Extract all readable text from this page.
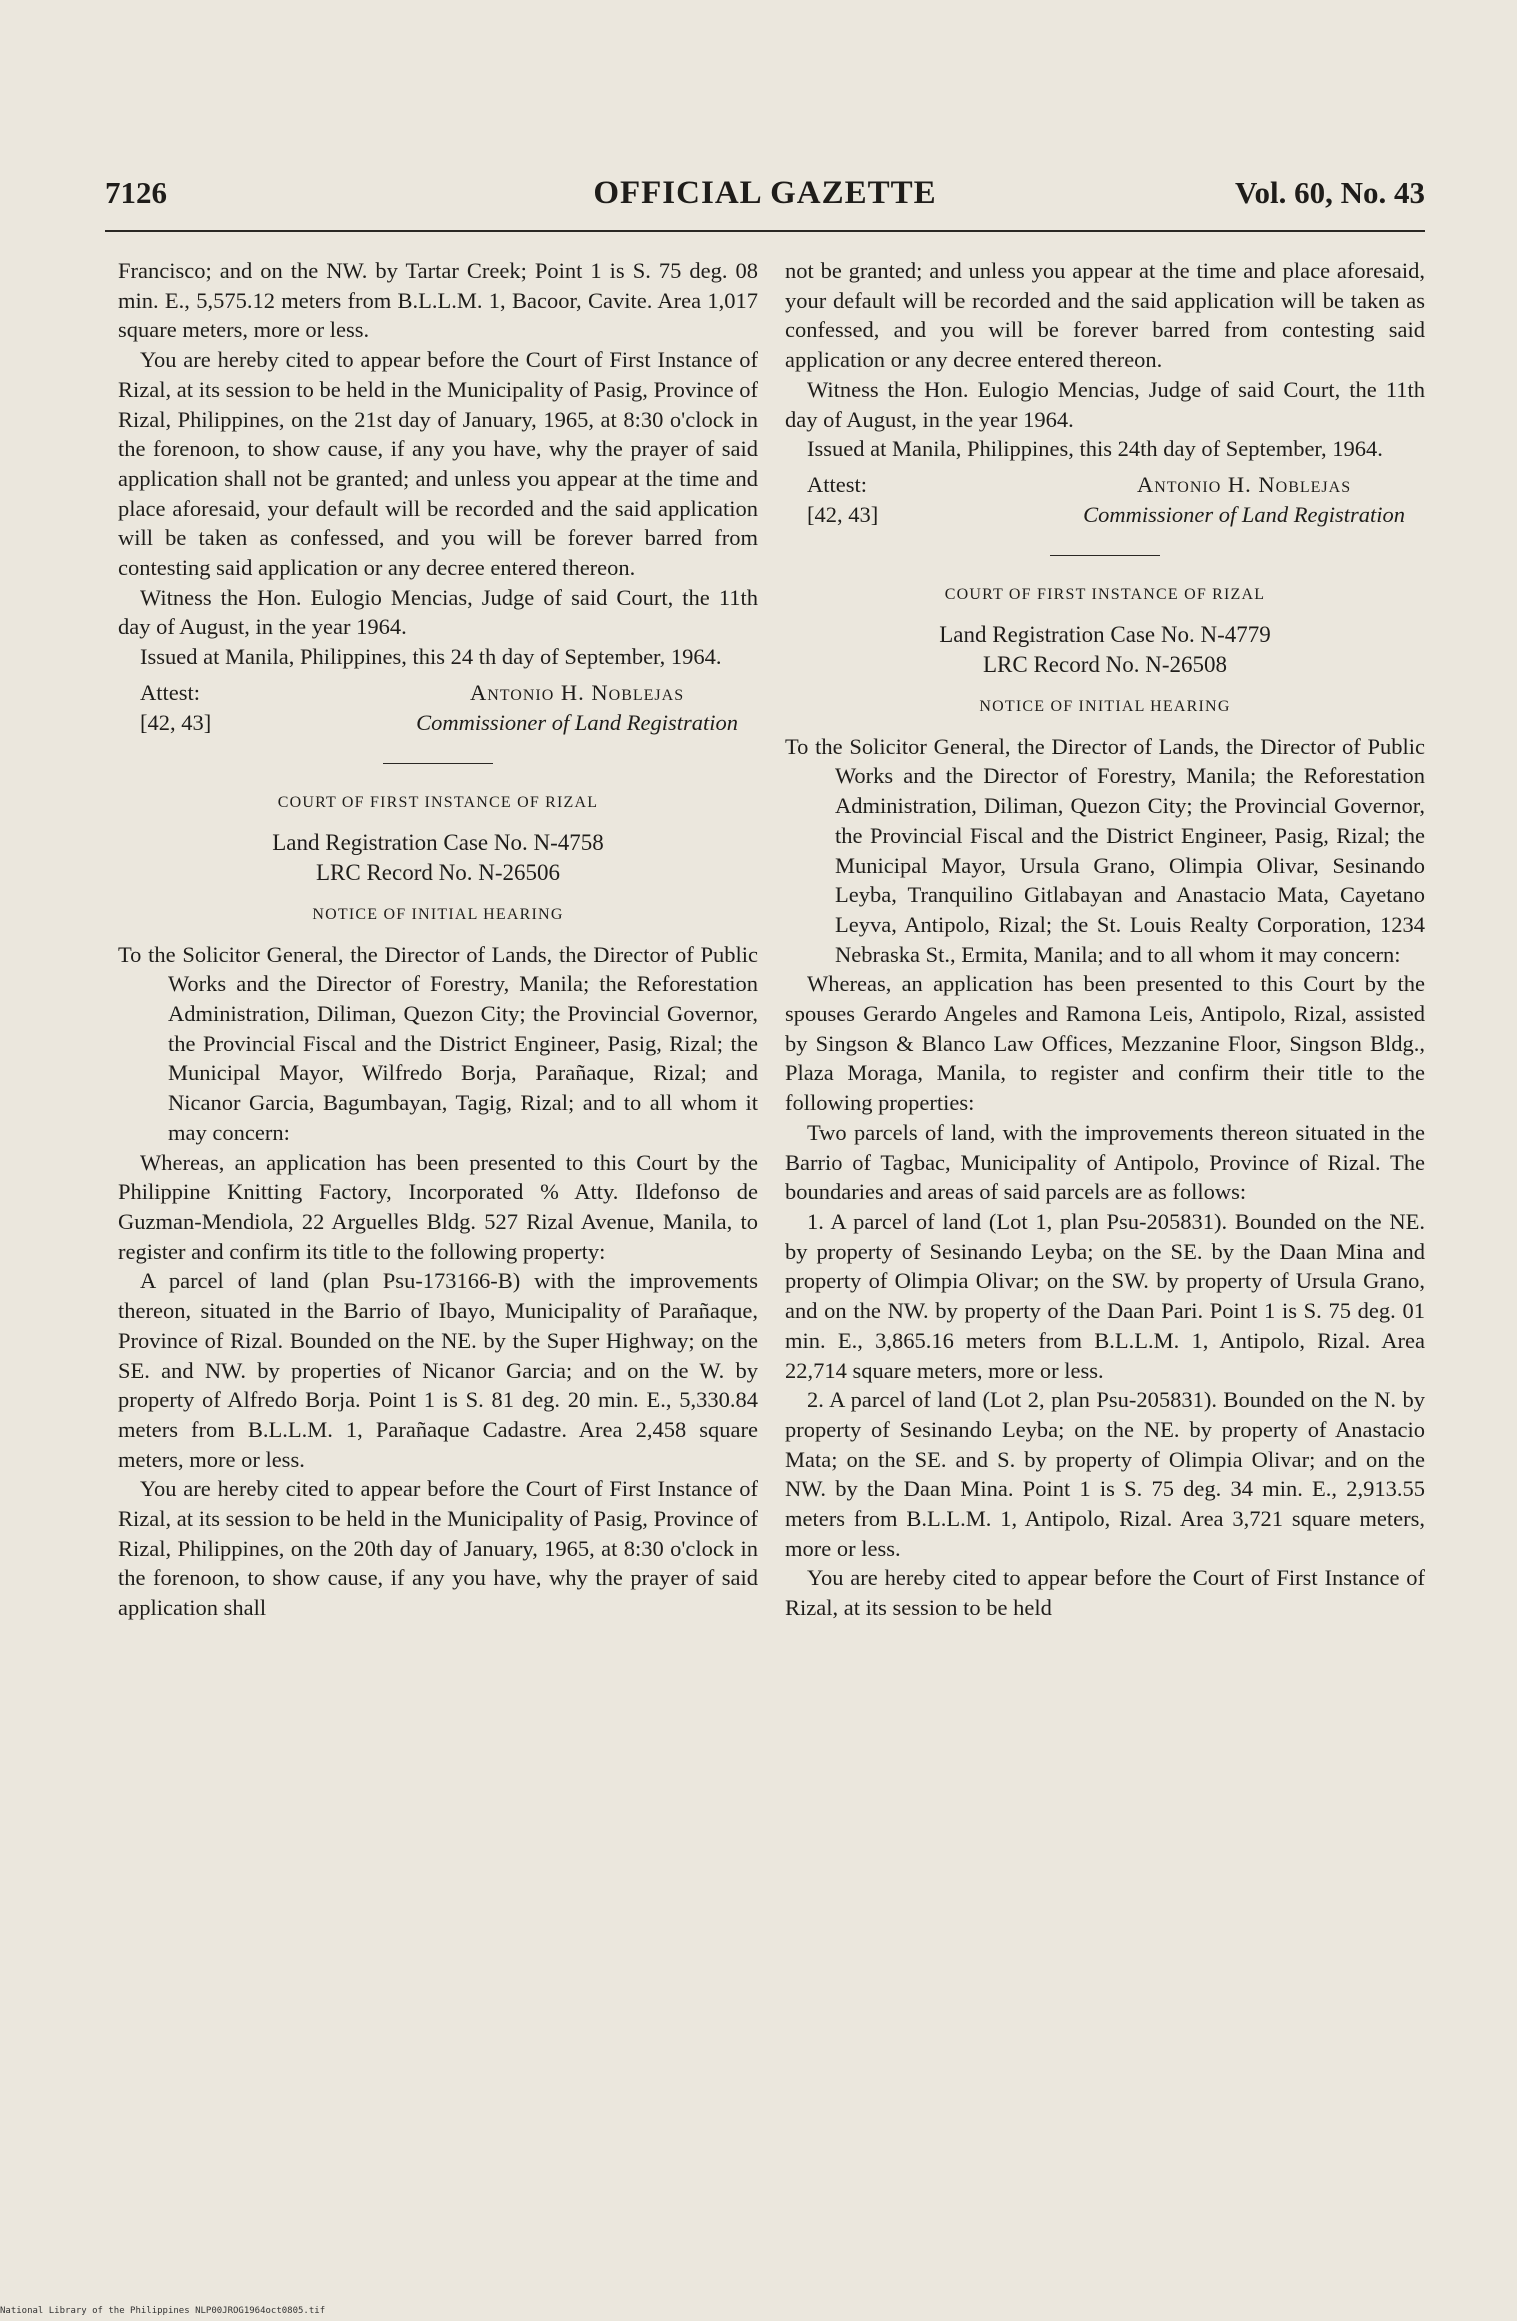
7126	OFFICIAL GAZETTE	Vol. 60, No. 43

Francisco; and on the NW. by Tartar Creek; Point 1 is S. 75 deg. 08 min. E., 5,575.12 meters from B.L.L.M. 1, Bacoor, Cavite. Area 1,017 square meters, more or less.

You are hereby cited to appear before the Court of First Instance of Rizal, at its session to be held in the Municipality of Pasig, Province of Rizal, Philippines, on the 21st day of January, 1965, at 8:30 o'clock in the forenoon, to show cause, if any you have, why the prayer of said application shall not be granted; and unless you appear at the time and place aforesaid, your default will be recorded and the said application will be taken as confessed, and you will be forever barred from contesting said application or any decree entered thereon.

Witness the Hon. Eulogio Mencias, Judge of said Court, the 11th day of August, in the year 1964.

Issued at Manila, Philippines, this 24 th day of September, 1964.

Attest:
[42, 43]
Antonio H. Noblejas
Commissioner of Land Registration
COURT OF FIRST INSTANCE OF RIZAL
Land Registration Case No. N-4758
LRC Record No. N-26506
NOTICE OF INITIAL HEARING

To the Solicitor General, the Director of Lands, the Director of Public Works and the Director of Forestry, Manila; the Reforestation Administration, Diliman, Quezon City; the Provincial Governor, the Provincial Fiscal and the District Engineer, Pasig, Rizal; the Municipal Mayor, Wilfredo Borja, Parañaque, Rizal; and Nicanor Garcia, Bagumbayan, Tagig, Rizal; and to all whom it may concern:

Whereas, an application has been presented to this Court by the Philippine Knitting Factory, Incorporated % Atty. Ildefonso de Guzman-Mendiola, 22 Arguelles Bldg. 527 Rizal Avenue, Manila, to register and confirm its title to the following property:

A parcel of land (plan Psu-173166-B) with the improvements thereon, situated in the Barrio of Ibayo, Municipality of Parañaque, Province of Rizal. Bounded on the NE. by the Super Highway; on the SE. and NW. by properties of Nicanor Garcia; and on the W. by property of Alfredo Borja. Point 1 is S. 81 deg. 20 min. E., 5,330.84 meters from B.L.L.M. 1, Parañaque Cadastre. Area 2,458 square meters, more or less.

You are hereby cited to appear before the Court of First Instance of Rizal, at its session to be held in the Municipality of Pasig, Province of Rizal, Philippines, on the 20th day of January, 1965, at 8:30 o'clock in the forenoon, to show cause, if any you have, why the prayer of said application shall

not be granted; and unless you appear at the time and place aforesaid, your default will be recorded and the said application will be taken as confessed, and you will be forever barred from contesting said application or any decree entered thereon.

Witness the Hon. Eulogio Mencias, Judge of said Court, the 11th day of August, in the year 1964.

Issued at Manila, Philippines, this 24th day of September, 1964.

Attest:
[42, 43]
Antonio H. Noblejas
Commissioner of Land Registration
COURT OF FIRST INSTANCE OF RIZAL
Land Registration Case No. N-4779
LRC Record No. N-26508
NOTICE OF INITIAL HEARING

To the Solicitor General, the Director of Lands, the Director of Public Works and the Director of Forestry, Manila; the Reforestation Administration, Diliman, Quezon City; the Provincial Governor, the Provincial Fiscal and the District Engineer, Pasig, Rizal; the Municipal Mayor, Ursula Grano, Olimpia Olivar, Sesinando Leyba, Tranquilino Gitlabayan and Anastacio Mata, Cayetano Leyva, Antipolo, Rizal; the St. Louis Realty Corporation, 1234 Nebraska St., Ermita, Manila; and to all whom it may concern:

Whereas, an application has been presented to this Court by the spouses Gerardo Angeles and Ramona Leis, Antipolo, Rizal, assisted by Singson & Blanco Law Offices, Mezzanine Floor, Singson Bldg., Plaza Moraga, Manila, to register and confirm their title to the following properties:

Two parcels of land, with the improvements thereon situated in the Barrio of Tagbac, Municipality of Antipolo, Province of Rizal. The boundaries and areas of said parcels are as follows:

1. A parcel of land (Lot 1, plan Psu-205831). Bounded on the NE. by property of Sesinando Leyba; on the SE. by the Daan Mina and property of Olimpia Olivar; on the SW. by property of Ursula Grano, and on the NW. by property of the Daan Pari. Point 1 is S. 75 deg. 01 min. E., 3,865.16 meters from B.L.L.M. 1, Antipolo, Rizal. Area 22,714 square meters, more or less.

2. A parcel of land (Lot 2, plan Psu-205831). Bounded on the N. by property of Sesinando Leyba; on the NE. by property of Anastacio Mata; on the SE. and S. by property of Olimpia Olivar; and on the NW. by the Daan Mina. Point 1 is S. 75 deg. 34 min. E., 2,913.55 meters from B.L.L.M. 1, Antipolo, Rizal. Area 3,721 square meters, more or less.

You are hereby cited to appear before the Court of First Instance of Rizal, at its session to be held

National Library of the Philippines NLP00JROG1964oct0805.tif
